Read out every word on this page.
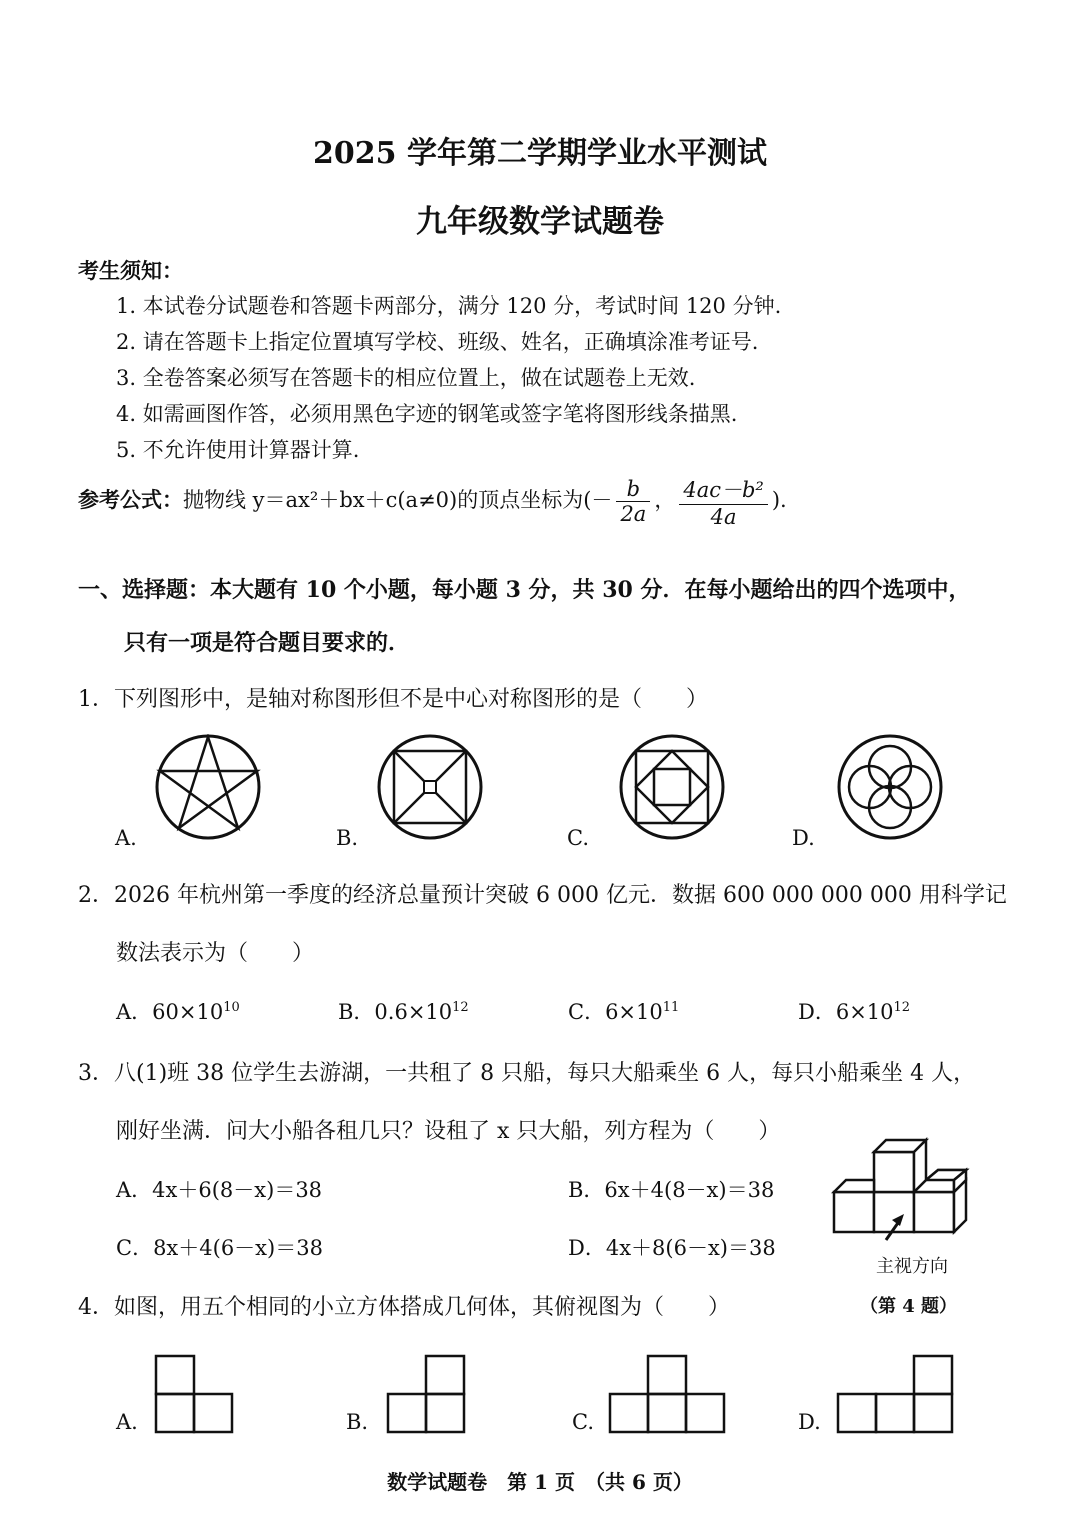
2025 学年第二学期学业水平测试
九年级数学试题卷
考生须知：
1. 本试卷分试题卷和答题卡两部分，满分 120 分，考试时间 120 分钟.
2. 请在答题卡上指定位置填写学校、班级、姓名，正确填涂准考证号.
3. 全卷答案必须写在答题卡的相应位置上，做在试题卷上无效.
4. 如需画图作答，必须用黑色字迹的钢笔或签字笔将图形线条描黑.
5. 不允许使用计算器计算.
参考公式：抛物线 y＝ax²＋bx＋c(a≠0)的顶点坐标为(－ $\frac{b}{2a}$ ， $\frac{\text{4ac－b²}}{4a}$ ).
一、选择题：本大题有 10 个小题，每小题 3 分，共 30 分．在每小题给出的四个选项中，
只有一项是符合题目要求的．
1．下列图形中，是轴对称图形但不是中心对称图形的是（　　）
A.	B.	C.	D.
2．2026 年杭州第一季度的经济总量预计突破 6 000 亿元．数据 600 000 000 000 用科学记
数法表示为（　　）
A．$60\times 10^{10}$	B．$0.6\times 10^{12}$	C．$6\times 10^{11}$	D．$6\times 10^{12}$
3．八(1)班 38 位学生去游湖，一共租了 8 只船，每只大船乘坐 6 人，每只小船乘坐 4 人，
刚好坐满．问大小船各租几只？设租了 x 只大船，列方程为（　　）
A．4x＋6(8－x)＝38	B．6x＋4(8－x)＝38
C．8x＋4(6－x)＝38	D．4x＋8(6－x)＝38
主视方向
（第 4 题）
4．如图，用五个相同的小立方体搭成几何体，其俯视图为（　　）
A.	B.	C.	D.
数学试题卷　第 1 页　（共 6 页）
